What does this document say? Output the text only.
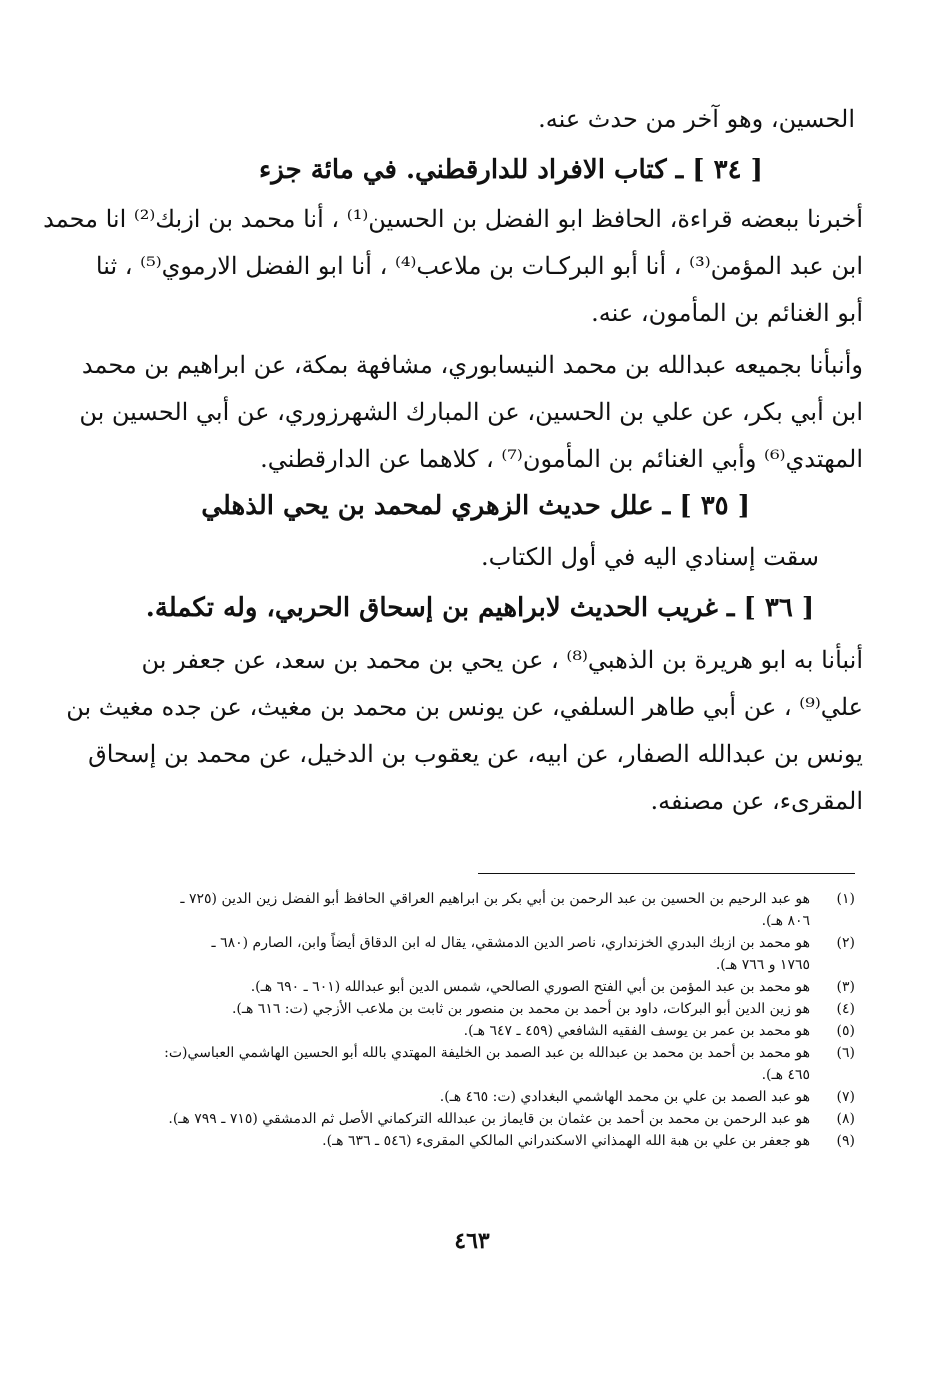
الحسين، وهو آخر من حدث عنه.
[ ٣٤ ] ـ كتاب الافراد للدارقطني. في مائة جزء
أخبرنا ببعضه قراءة، الحافظ ابو الفضل بن الحسين⁽¹⁾ ، أنا محمد بن ازبك⁽²⁾ انا محمد
ابن عبد المؤمن⁽³⁾ ، أنا أبو البركـات بن ملاعب⁽⁴⁾ ، أنا ابو الفضل الارموي⁽⁵⁾ ، ثنا
أبو الغنائم بن المأمون، عنه.
وأنبأنا بجميعه عبدالله بن محمد النيسابوري، مشافهة بمكة، عن ابراهيم بن محمد
ابن أبي بكر، عن علي بن الحسين، عن المبارك الشهرزوري، عن أبي الحسين بن
المهتدي⁽⁶⁾ وأبي الغنائم بن المأمون⁽⁷⁾ ، كلاهما عن الدارقطني.
[ ٣٥ ] ـ علل حديث الزهري لمحمد بن يحي الذهلي
سقت إسنادي اليه في أول الكتاب.
[ ٣٦ ] ـ غريب الحديث لابراهيم بن إسحاق الحربي، وله تكملة.
أنبأنا به ابو هريرة بن الذهبي⁽⁸⁾ ، عن يحي بن محمد بن سعد، عن جعفر بن
علي⁽⁹⁾ ، عن أبي طاهر السلفي، عن يونس بن محمد بن مغيث، عن جده مغيث بن
يونس بن عبدالله الصفار، عن ابيه، عن يعقوب بن الدخيل، عن محمد بن إسحاق
المقرىء، عن مصنفه.
(١)
هو عبد الرحيم بن الحسين بن عبد الرحمن بن أبي بكر بن ابراهيم العراقي الحافظ أبو الفضل زين الدين (٧٢٥ ـ
٨٠٦ هـ).
(٢)
هو محمد بن ازبك البدري الخزنداري، ناصر الدين الدمشقي، يقال له ابن الدقاق أيضاً وابن، الصارم (٦٨٠ ـ
١٧٦٥ و ٧٦٦ هـ).
(٣)
هو محمد بن عبد المؤمن بن أبي الفتح الصوري الصالحي، شمس الدين أبو عبدالله (٦٠١ ـ ٦٩٠ هـ).
(٤)
هو زين الدين أبو البركات، داود بن أحمد بن محمد بن منصور بن ثابت بن ملاعب الأزجي (ت: ٦١٦ هـ).
(٥)
هو محمد بن عمر بن يوسف الفقيه الشافعي (٤٥٩ ـ ٦٤٧ هـ).
(٦)
هو محمد بن أحمد بن محمد بن عبدالله بن عبد الصمد بن الخليفة المهتدي بالله أبو الحسين الهاشمي العباسي(ت:
٤٦٥ هـ).
(٧)
هو عبد الصمد بن علي بن محمد الهاشمي البغدادي (ت: ٤٦٥ هـ).
(٨)
هو عبد الرحمن بن محمد بن أحمد بن عثمان بن قايماز بن عبدالله التركماني الأصل ثم الدمشقي (٧١٥ ـ ٧٩٩ هـ).
(٩)
هو جعفر بن علي بن هبة الله الهمذاني الاسكندراني المالكي المقرىء (٥٤٦ ـ ٦٣٦ هـ).
٤٦٣
